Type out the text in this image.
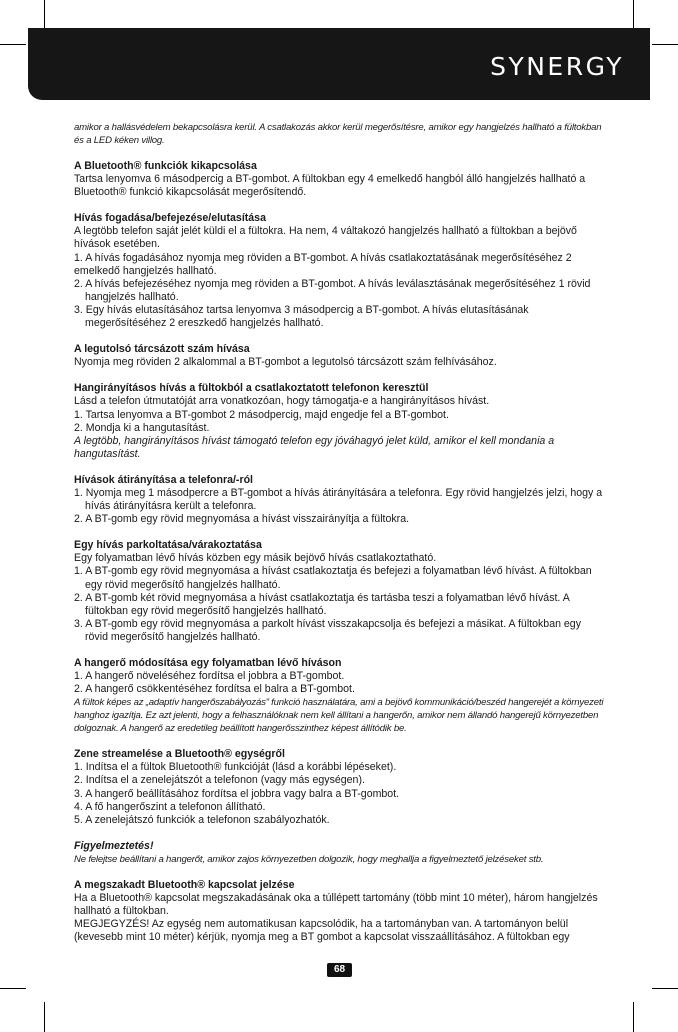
SYNERGY
amikor a hallásvédelem bekapcsolásra kerül. A csatlakozás akkor kerül megerősítésre, amikor egy hangjelzés hallható a fültokban és a LED kéken villog.
A Bluetooth® funkciók kikapcsolása
Tartsa lenyomva 6 másodpercig a BT-gombot. A fültokban egy 4 emelkedő hangból álló hangjelzés hallható a Bluetooth® funkció kikapcsolását megerősítendő.
Hívás fogadása/befejezése/elutasítása
A legtöbb telefon saját jelét küldi el a fültokra. Ha nem, 4 váltakozó hangjelzés hallható a fültokban a bejövő hívások esetében.
1. A hívás fogadásához nyomja meg röviden a BT-gombot. A hívás csatlakoztatásának megerősítéséhez 2 emelkedő hangjelzés hallható.
2. A hívás befejezéséhez nyomja meg röviden a BT-gombot. A hívás leválasztásának megerősítéséhez 1 rövid hangjelzés hallható.
3. Egy hívás elutasításához tartsa lenyomva 3 másodpercig a BT-gombot. A hívás elutasításának megerősítéséhez 2 ereszkedő hangjelzés hallható.
A legutolsó tárcsázott szám hívása
Nyomja meg röviden 2 alkalommal a BT-gombot a legutolsó tárcsázott szám felhívásához.
Hangirányításos hívás a fültokból a csatlakoztatott telefonon keresztül
Lásd a telefon útmutatóját arra vonatkozóan, hogy támogatja-e a hangirányításos hívást.
1. Tartsa lenyomva a BT-gombot 2 másodpercig, majd engedje fel a BT-gombot.
2. Mondja ki a hangutasítást.
A legtöbb, hangirányításos hívást támogató telefon egy jóváhagyó jelet küld, amikor el kell mondania a hangutasítást.
Hívások átirányítása a telefonra/-ról
1. Nyomja meg 1 másodpercre a BT-gombot a hívás átirányítására a telefonra. Egy rövid hangjelzés jelzi, hogy a hívás átirányításra került a telefonra.
2. A BT-gomb egy rövid megnyomása a hívást visszairányítja a fültokra.
Egy hívás parkoltatása/várakoztatása
Egy folyamatban lévő hívás közben egy másik bejövő hívás csatlakoztatható.
1. A BT-gomb egy rövid megnyomása a hívást csatlakoztatja és befejezi a folyamatban lévő hívást. A fültokban egy rövid megerősítő hangjelzés hallható.
2. A BT-gomb két rövid megnyomása a hívást csatlakoztatja és tartásba teszi a folyamatban lévő hívást. A fültokban egy rövid megerősítő hangjelzés hallható.
3. A BT-gomb egy rövid megnyomása a parkolt hívást visszakapcsolja és befejezi a másikat. A fültokban egy rövid megerősítő hangjelzés hallható.
A hangerő módosítása egy folyamatban lévő híváson
1. A hangerő növeléséhez fordítsa el jobbra a BT-gombot.
2. A hangerő csökkentéséhez fordítsa el balra a BT-gombot.
A fültok képes az „adaptív hangerőszabályozás” funkció használatára, ami a bejövő kommunikáció/beszéd hangerejét a környezeti hanghoz igazítja. Ez azt jelenti, hogy a felhasználóknak nem kell állítani a hangerőn, amikor nem állandó hangerejű környezetben dolgoznak. A hangerő az eredetileg beállított hangerősszinthez képest állítódik be.
Zene streamelése a Bluetooth® egységről
1. Indítsa el a fültok Bluetooth® funkcióját (lásd a korábbi lépéseket).
2. Indítsa el a zenelejátszót a telefonon (vagy más egységen).
3. A hangerő beállításához fordítsa el jobbra vagy balra a BT-gombot.
4. A fő hangerőszint a telefonon állítható.
5. A zenelejátszó funkciók a telefonon szabályozhatók.
Figyelmeztetés!
Ne felejtse beállítani a hangerőt, amikor zajos környezetben dolgozik, hogy meghallja a figyelmeztető jelzéseket stb.
A megszakadt Bluetooth® kapcsolat jelzése
Ha a Bluetooth® kapcsolat megszakadásának oka a túllépett tartomány (több mint 10 méter), három hangjelzés hallható a fültokban.
MEGJEGYZÉS! Az egység nem automatikusan kapcsolódik, ha a tartományban van. A tartományon belül (kevesebb mint 10 méter) kérjük, nyomja meg a BT gombot a kapcsolat visszaállításához. A fültokban egy
68
